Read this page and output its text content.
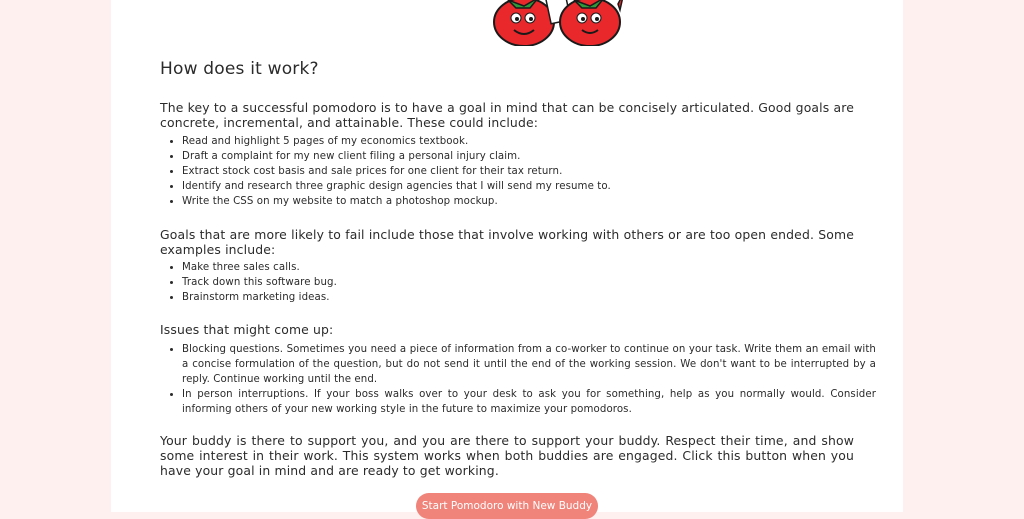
How does it work?

The key to a successful pomodoro is to have a goal in mind that can be concisely articulated. Good goals are concrete, incremental, and attainable. These could include:

• Read and highlight 5 pages of my economics textbook.
• Draft a complaint for my new client filing a personal injury claim.
• Extract stock cost basis and sale prices for one client for their tax return.
• Identify and research three graphic design agencies that I will send my resume to.
• Write the CSS on my website to match a photoshop mockup.

Goals that are more likely to fail include those that involve working with others or are too open ended. Some examples include:

• Make three sales calls.
• Track down this software bug.
• Brainstorm marketing ideas.

Issues that might come up:

• Blocking questions. Sometimes you need a piece of information from a co-worker to continue on your task. Write them an email with a concise formulation of the question, but do not send it until the end of the working session. We don't want to be interrupted by a reply. Continue working until the end.
• In person interruptions. If your boss walks over to your desk to ask you for something, help as you normally would. Consider informing others of your new working style in the future to maximize your pomodoros.

Your buddy is there to support you, and you are there to support your buddy. Respect their time, and show some interest in their work. This system works when both buddies are engaged. Click this button when you have your goal in mind and are ready to get working.

Start Pomodoro with New Buddy
